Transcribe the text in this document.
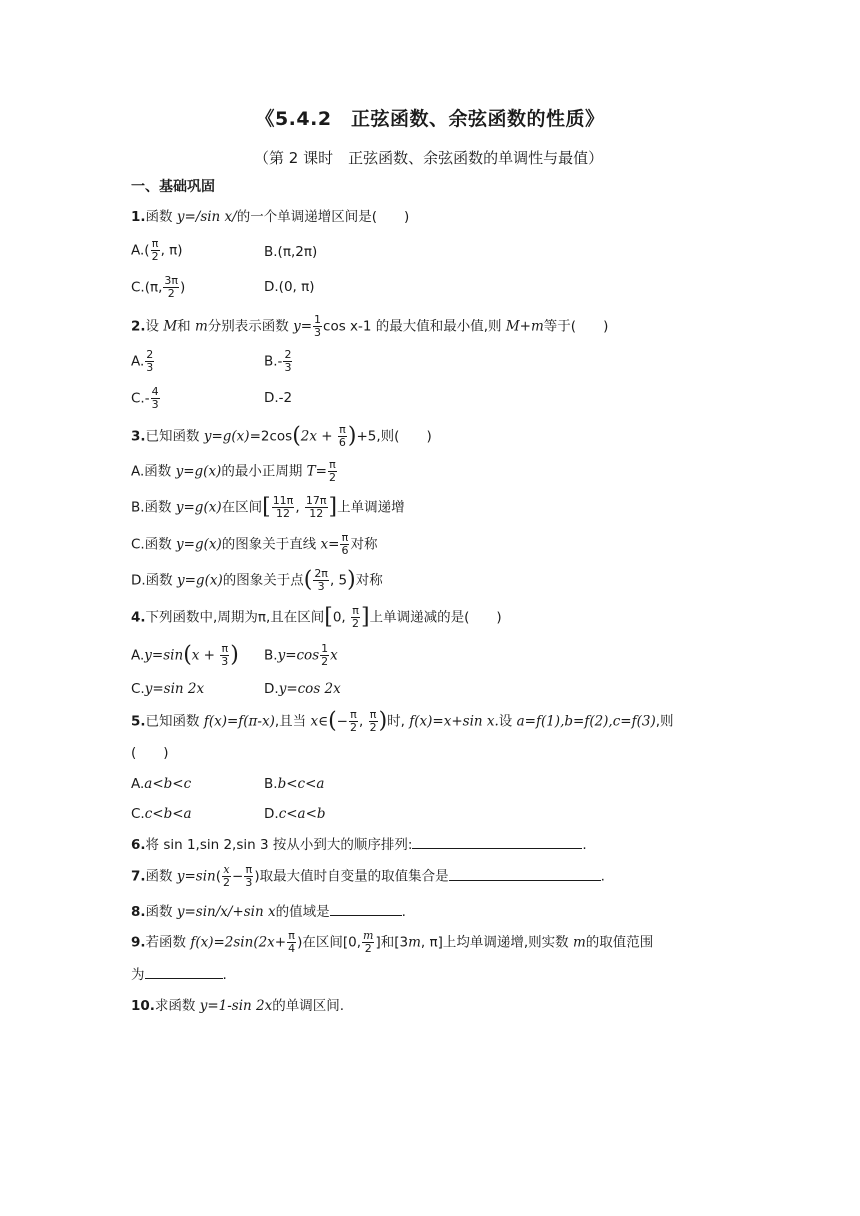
《5.4.2　正弦函数、余弦函数的性质》
（第 2 课时　正弦函数、余弦函数的单调性与最值）
一、基础巩固
1.函数 y=/sin x/的一个单调递增区间是(　　)
$A.( \frac{\pi}{2}$ , π)	B.(π,2π)
C.(π, $\frac{3\pi}{2}$ )	D.(0, π)
2.设 M和 m分别表示函数 $y= \frac{1}{3}$ cos x-1 的最大值和最小值,则 M+m等于(　　)
A. $\frac{2}{3}$	$B.- \frac{2}{3}$
$C.- \frac{4}{3}$	D.-2
3.已知函数 $y=g(x)=2\cos(2x + \frac{\pi}{6} )+5$,则(　　)
A.函数 y=g(x)的最小正周期 $T= \frac{\pi}{2}$
B.函数 y=g(x)在区间[ $\frac{11\pi}{12}$ , $\frac{17\pi}{12}$ ]上单调递增
C.函数 y=g(x)的图象关于直线 $x= \frac{\pi}{6}$ 对称
D.函数 y=g(x)的图象关于点( $\frac{2\pi}{3}$ , 5)对称
4.下列函数中,周期为π,且在区间[0, $\frac{\pi}{2}$ ]上单调递减的是(　　)
$A.y=\sin(x + \frac{\pi}{3}$ ) $B.y=\cos \frac{1}{2}$ x
C.y=sin 2x	D.y=cos 2x
5.已知函数 f(x)=f(π-x),且当 x∈(− $\frac{\pi}{2}$ , $\frac{\pi}{2}$ )时, f(x)=x+sin x.设 a=f(1),b=f(2),c=f(3),则
(　　)
A.a<b<c	B.b<c<a
C.c<b<a	D.c<a<b
6.将 sin 1,sin 2,sin 3 按从小到大的顺序排列:	.
7.函数 $y=\sin( \frac{x}{2} - \frac{\pi}{3}$ )取最大值时自变量的取值集合是	.
8.函数 y=sin/x/+sin x的值域是	.
9.若函数 $f(x)=2\sin(2x+ \frac{\pi}{4}$ )在区间[0, $\frac{m}{2}$ ]和[3m, π]上均单调递增,则实数 m的取值范围
为	.
10.求函数 y=1-sin 2x的单调区间.
